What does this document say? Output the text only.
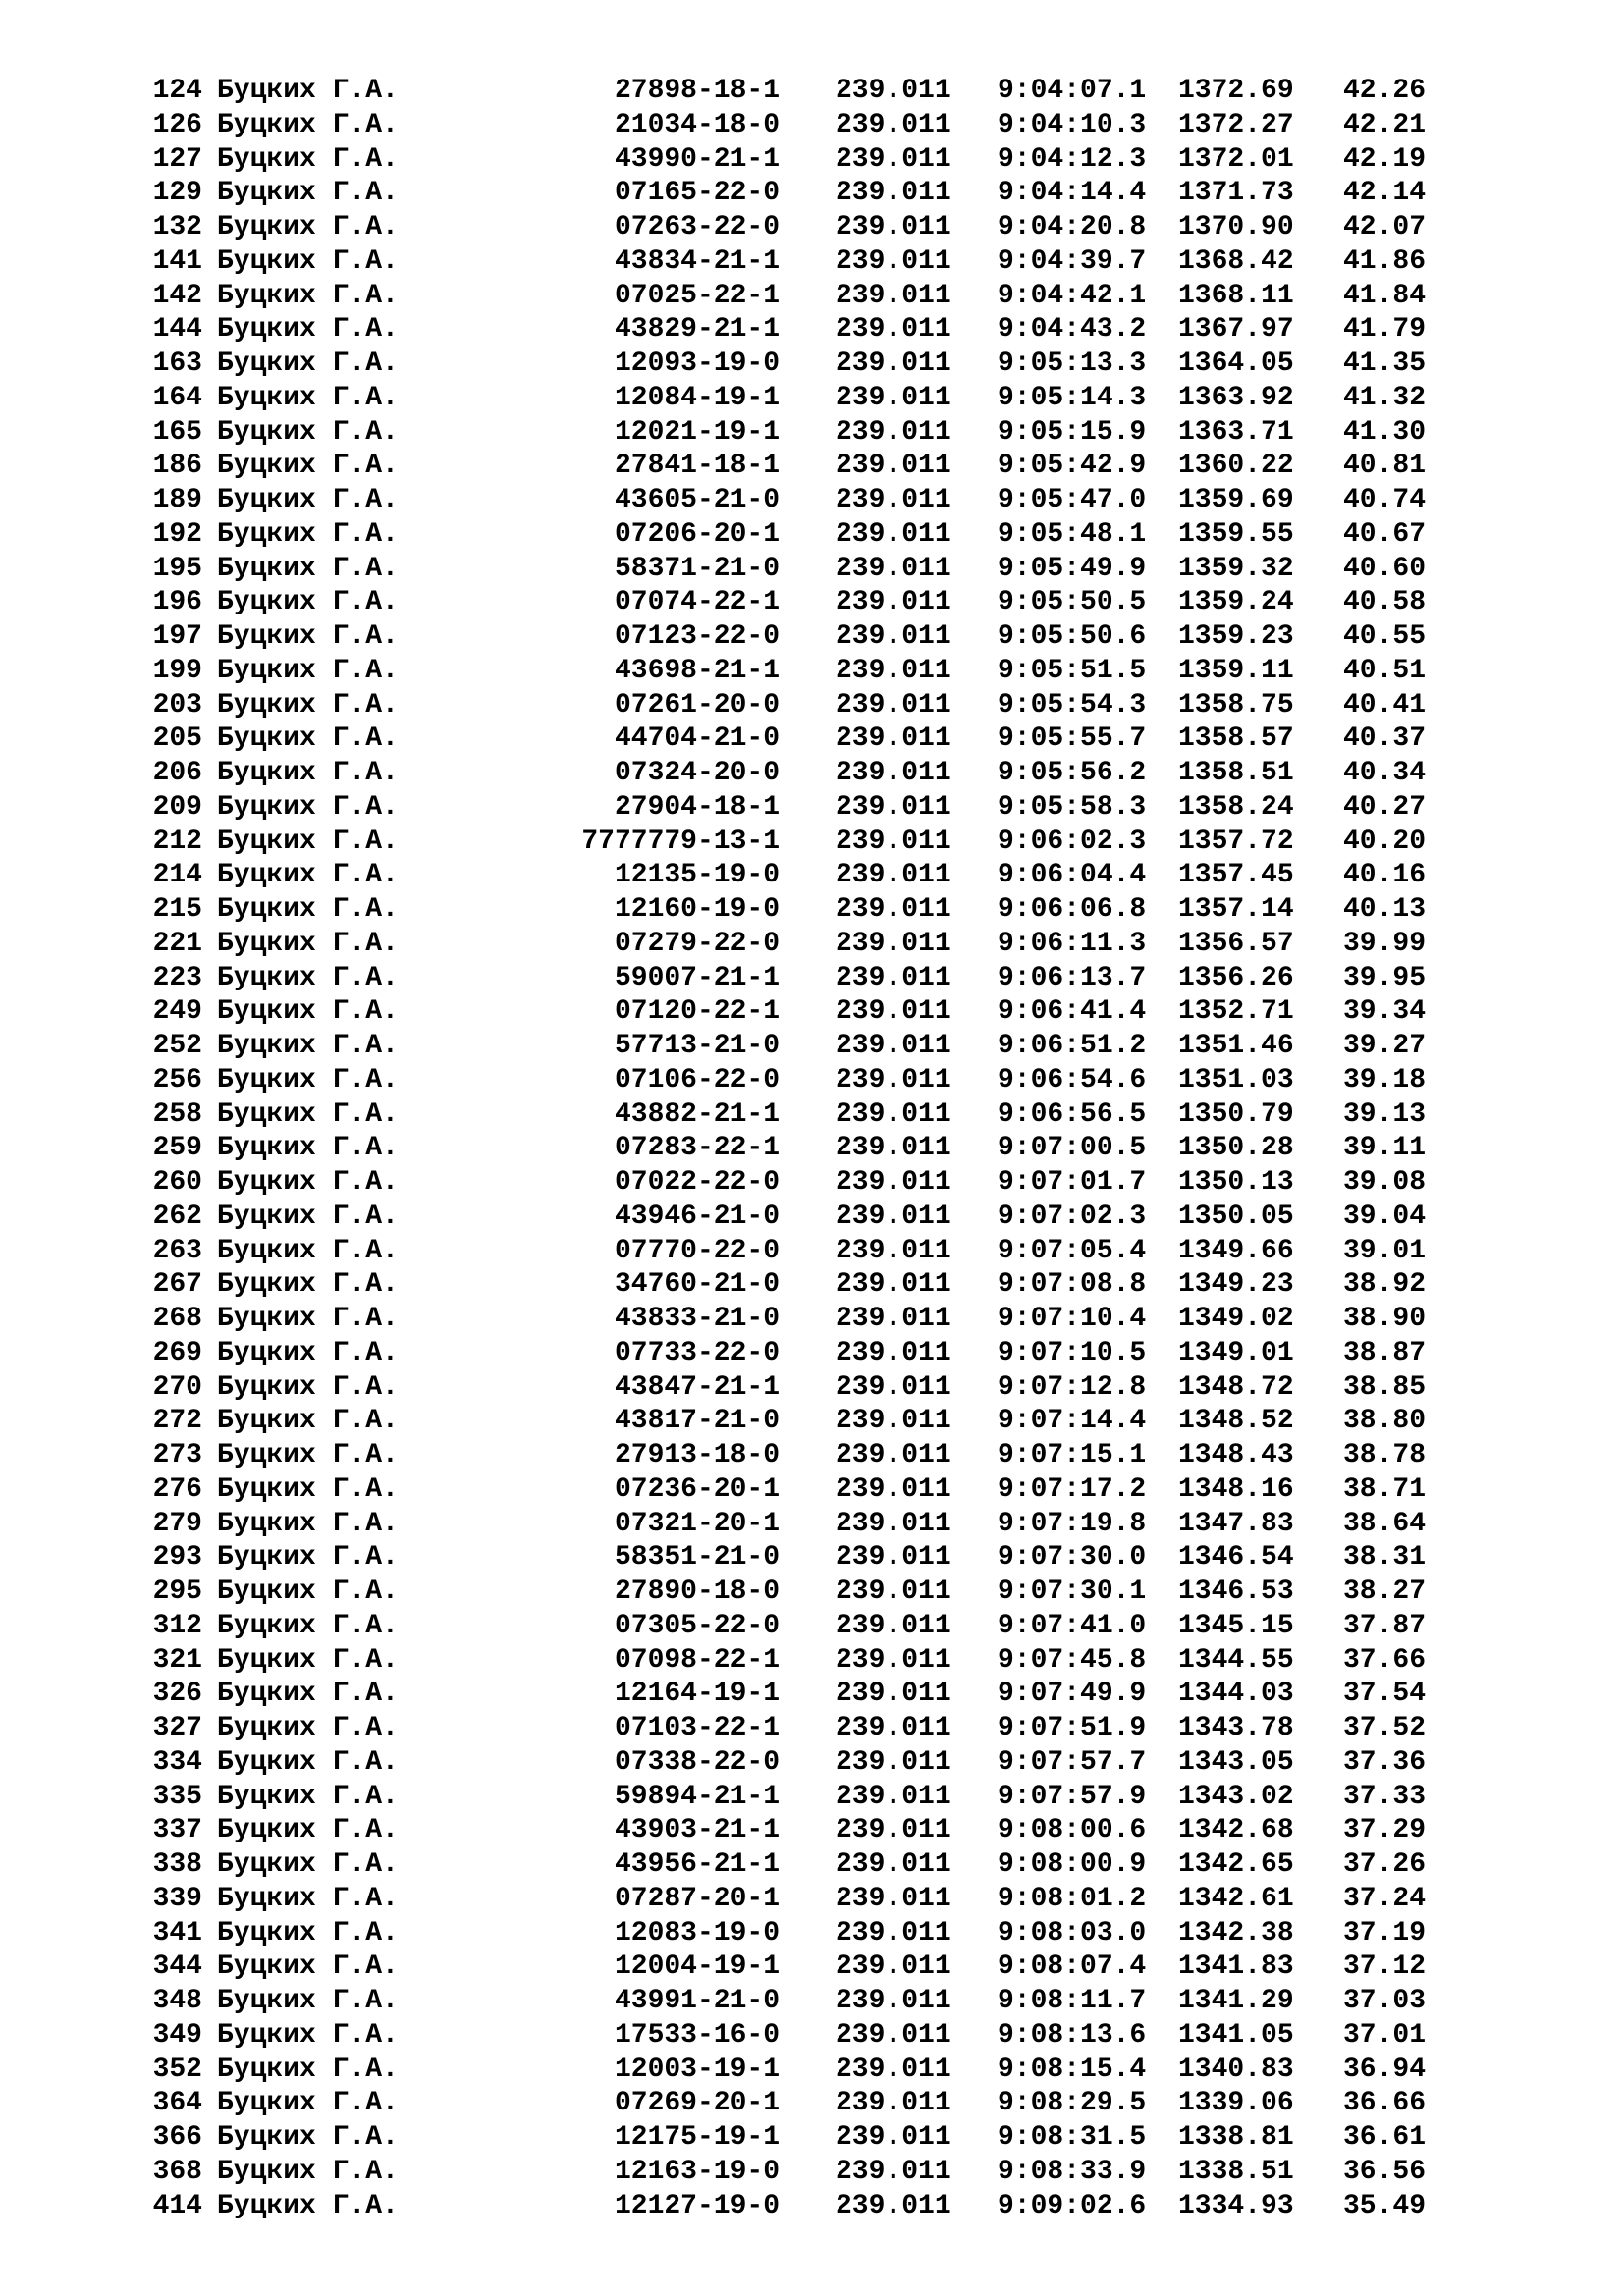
124 Буцких Г.А.	27898-18-1 239.011 9:04:07.1 1372.69 42.26
126 Буцких Г.А.	21034-18-0 239.011 9:04:10.3 1372.27 42.21
127 Буцких Г.А.	43990-21-1 239.011 9:04:12.3 1372.01 42.19
129 Буцких Г.А.	07165-22-0 239.011 9:04:14.4 1371.73 42.14
132 Буцких Г.А.	07263-22-0 239.011 9:04:20.8 1370.90 42.07
141 Буцких Г.А.	43834-21-1 239.011 9:04:39.7 1368.42 41.86
142 Буцких Г.А.	07025-22-1 239.011 9:04:42.1 1368.11 41.84
144 Буцких Г.А.	43829-21-1 239.011 9:04:43.2 1367.97 41.79
163 Буцких Г.А.	12093-19-0 239.011 9:05:13.3 1364.05 41.35
164 Буцких Г.А.	12084-19-1 239.011 9:05:14.3 1363.92 41.32
165 Буцких Г.А.	12021-19-1 239.011 9:05:15.9 1363.71 41.30
186 Буцких Г.А.	27841-18-1 239.011 9:05:42.9 1360.22 40.81
189 Буцких Г.А.	43605-21-0 239.011 9:05:47.0 1359.69 40.74
192 Буцких Г.А.	07206-20-1 239.011 9:05:48.1 1359.55 40.67
195 Буцких Г.А.	58371-21-0 239.011 9:05:49.9 1359.32 40.60
196 Буцких Г.А.	07074-22-1 239.011 9:05:50.5 1359.24 40.58
197 Буцких Г.А.	07123-22-0 239.011 9:05:50.6 1359.23 40.55
199 Буцких Г.А.	43698-21-1 239.011 9:05:51.5 1359.11 40.51
203 Буцких Г.А.	07261-20-0 239.011 9:05:54.3 1358.75 40.41
205 Буцких Г.А.	44704-21-0 239.011 9:05:55.7 1358.57 40.37
206 Буцких Г.А.	07324-20-0 239.011 9:05:56.2 1358.51 40.34
209 Буцких Г.А.	27904-18-1 239.011 9:05:58.3 1358.24 40.27
212 Буцких Г.А.	7777779-13-1 239.011 9:06:02.3 1357.72 40.20
214 Буцких Г.А.	12135-19-0 239.011 9:06:04.4 1357.45 40.16
215 Буцких Г.А.	12160-19-0 239.011 9:06:06.8 1357.14 40.13
221 Буцких Г.А.	07279-22-0 239.011 9:06:11.3 1356.57 39.99
223 Буцких Г.А.	59007-21-1 239.011 9:06:13.7 1356.26 39.95
249 Буцких Г.А.	07120-22-1 239.011 9:06:41.4 1352.71 39.34
252 Буцких Г.А.	57713-21-0 239.011 9:06:51.2 1351.46 39.27
256 Буцких Г.А.	07106-22-0 239.011 9:06:54.6 1351.03 39.18
258 Буцких Г.А.	43882-21-1 239.011 9:06:56.5 1350.79 39.13
259 Буцких Г.А.	07283-22-1 239.011 9:07:00.5 1350.28 39.11
260 Буцких Г.А.	07022-22-0 239.011 9:07:01.7 1350.13 39.08
262 Буцких Г.А.	43946-21-0 239.011 9:07:02.3 1350.05 39.04
263 Буцких Г.А.	07770-22-0 239.011 9:07:05.4 1349.66 39.01
267 Буцких Г.А.	34760-21-0 239.011 9:07:08.8 1349.23 38.92
268 Буцких Г.А.	43833-21-0 239.011 9:07:10.4 1349.02 38.90
269 Буцких Г.А.	07733-22-0 239.011 9:07:10.5 1349.01 38.87
270 Буцких Г.А.	43847-21-1 239.011 9:07:12.8 1348.72 38.85
272 Буцких Г.А.	43817-21-0 239.011 9:07:14.4 1348.52 38.80
273 Буцких Г.А.	27913-18-0 239.011 9:07:15.1 1348.43 38.78
276 Буцких Г.А.	07236-20-1 239.011 9:07:17.2 1348.16 38.71
279 Буцких Г.А.	07321-20-1 239.011 9:07:19.8 1347.83 38.64
293 Буцких Г.А.	58351-21-0 239.011 9:07:30.0 1346.54 38.31
295 Буцких Г.А.	27890-18-0 239.011 9:07:30.1 1346.53 38.27
312 Буцких Г.А.	07305-22-0 239.011 9:07:41.0 1345.15 37.87
321 Буцких Г.А.	07098-22-1 239.011 9:07:45.8 1344.55 37.66
326 Буцких Г.А.	12164-19-1 239.011 9:07:49.9 1344.03 37.54
327 Буцких Г.А.	07103-22-1 239.011 9:07:51.9 1343.78 37.52
334 Буцких Г.А.	07338-22-0 239.011 9:07:57.7 1343.05 37.36
335 Буцких Г.А.	59894-21-1 239.011 9:07:57.9 1343.02 37.33
337 Буцких Г.А.	43903-21-1 239.011 9:08:00.6 1342.68 37.29
338 Буцких Г.А.	43956-21-1 239.011 9:08:00.9 1342.65 37.26
339 Буцких Г.А.	07287-20-1 239.011 9:08:01.2 1342.61 37.24
341 Буцких Г.А.	12083-19-0 239.011 9:08:03.0 1342.38 37.19
344 Буцких Г.А.	12004-19-1 239.011 9:08:07.4 1341.83 37.12
348 Буцких Г.А.	43991-21-0 239.011 9:08:11.7 1341.29 37.03
349 Буцких Г.А.	17533-16-0 239.011 9:08:13.6 1341.05 37.01
352 Буцких Г.А.	12003-19-1 239.011 9:08:15.4 1340.83 36.94
364 Буцких Г.А.	07269-20-1 239.011 9:08:29.5 1339.06 36.66
366 Буцких Г.А.	12175-19-1 239.011 9:08:31.5 1338.81 36.61
368 Буцких Г.А.	12163-19-0 239.011 9:08:33.9 1338.51 36.56
414 Буцких Г.А.	12127-19-0 239.011 9:09:02.6 1334.93 35.49
